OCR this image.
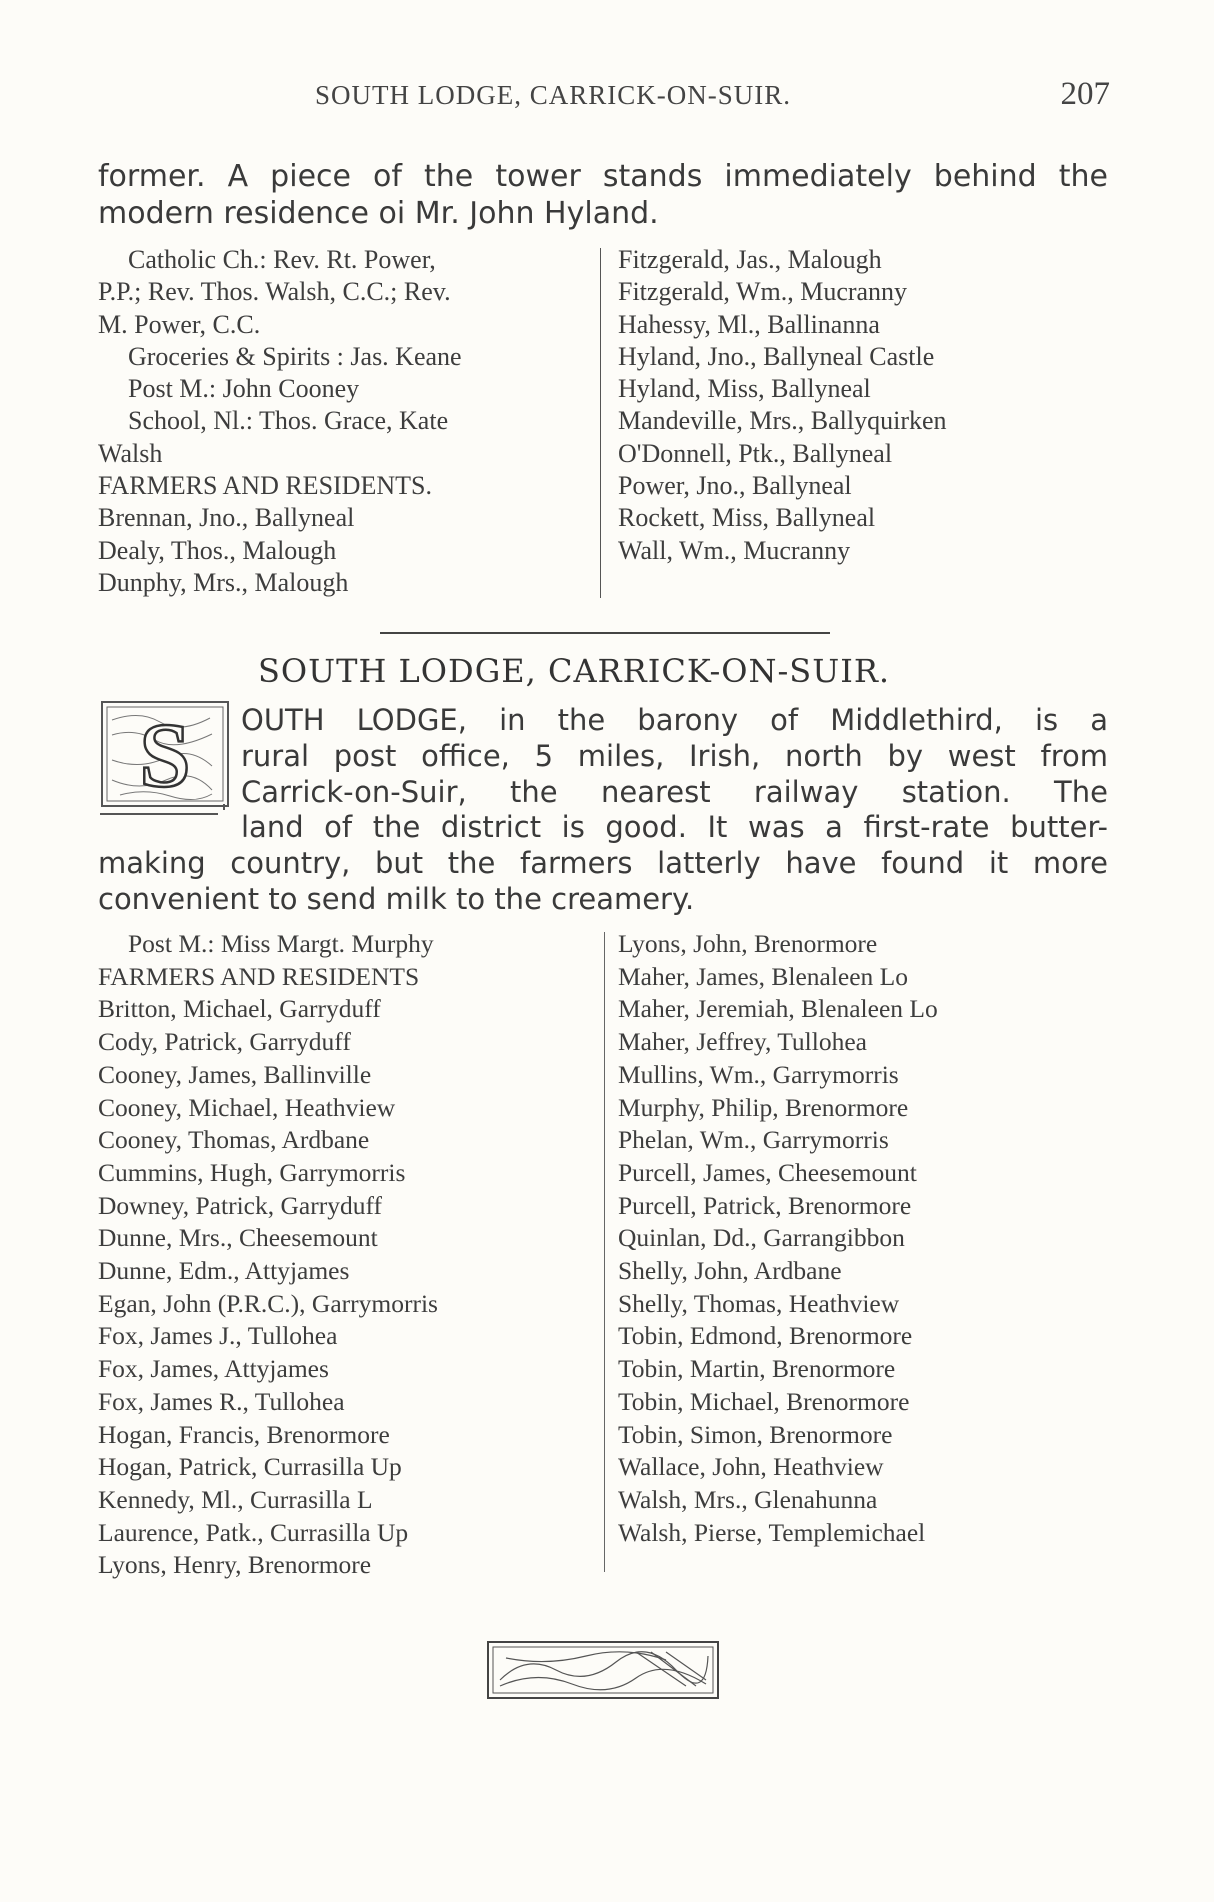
SOUTH LODGE, CARRICK-ON-SUIR.	207
former. A piece of the tower stands immediately behind the modern residence oi Mr. John Hyland.
Catholic Ch.: Rev. Rt. Power,
P.P.; Rev. Thos. Walsh, C.C.; Rev.
M. Power, C.C.
Groceries & Spirits : Jas. Keane
Post M.: John Cooney
School, Nl.: Thos. Grace, Kate
Walsh
FARMERS AND RESIDENTS.
Brennan, Jno., Ballyneal
Dealy, Thos., Malough
Dunphy, Mrs., Malough
Fitzgerald, Jas., Malough
Fitzgerald, Wm., Mucranny
Hahessy, Ml., Ballinanna
Hyland, Jno., Ballyneal Castle
Hyland, Miss, Ballyneal
Mandeville, Mrs., Ballyquirken
O'Donnell, Ptk., Ballyneal
Power, Jno., Ballyneal
Rockett, Miss, Ballyneal
Wall, Wm., Mucranny
SOUTH LODGE, CARRICK-ON-SUIR.
S	OUTH LODGE, in the barony of Middlethird, is a
rural post office, 5 miles, Irish, north by west from
Carrick-on-Suir, the nearest railway station. The
land of the district is good. It was a first-rate butter-
making country, but the farmers latterly have found it more
convenient to send milk to the creamery.
Post M.: Miss Margt. Murphy
FARMERS AND RESIDENTS
Britton, Michael, Garryduff
Cody, Patrick, Garryduff
Cooney, James, Ballinville
Cooney, Michael, Heathview
Cooney, Thomas, Ardbane
Cummins, Hugh, Garrymorris
Downey, Patrick, Garryduff
Dunne, Mrs., Cheesemount
Dunne, Edm., Attyjames
Egan, John (P.R.C.), Garrymorris
Fox, James J., Tullohea
Fox, James, Attyjames
Fox, James R., Tullohea
Hogan, Francis, Brenormore
Hogan, Patrick, Currasilla Up
Kennedy, Ml., Currasilla L
Laurence, Patk., Currasilla Up
Lyons, Henry, Brenormore
Lyons, John, Brenormore
Maher, James, Blenaleen Lo
Maher, Jeremiah, Blenaleen Lo
Maher, Jeffrey, Tullohea
Mullins, Wm., Garrymorris
Murphy, Philip, Brenormore
Phelan, Wm., Garrymorris
Purcell, James, Cheesemount
Purcell, Patrick, Brenormore
Quinlan, Dd., Garrangibbon
Shelly, John, Ardbane
Shelly, Thomas, Heathview
Tobin, Edmond, Brenormore
Tobin, Martin, Brenormore
Tobin, Michael, Brenormore
Tobin, Simon, Brenormore
Wallace, John, Heathview
Walsh, Mrs., Glenahunna
Walsh, Pierse, Templemichael
